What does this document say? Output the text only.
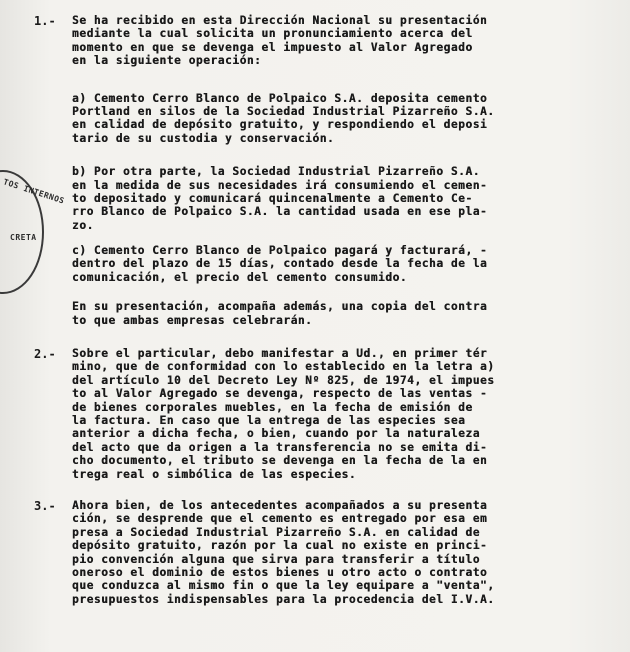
TOS INTERNOS
CRETA
1.- Se ha recibido en esta Dirección Nacional su presentación
mediante la cual solicita un pronunciamiento acerca del
momento en que se devenga el impuesto al Valor Agregado
en la siguiente operación:
a) Cemento Cerro Blanco de Polpaico S.A. deposita cemento
Portland en silos de la Sociedad Industrial Pizarreño S.A.
en calidad de depósito gratuito, y respondiendo el deposi
tario de su custodia y conservación.
b) Por otra parte, la Sociedad Industrial Pizarreño S.A.
en la medida de sus necesidades irá consumiendo el cemen-
to depositado y comunicará quincenalmente a Cemento Ce-
rro Blanco de Polpaico S.A. la cantidad usada en ese pla-
zo.
c) Cemento Cerro Blanco de Polpaico pagará y facturará, -
dentro del plazo de 15 días, contado desde la fecha de la
comunicación, el precio del cemento consumido.
En su presentación, acompaña además, una copia del contra
to que ambas empresas celebrarán.
2.- Sobre el particular, debo manifestar a Ud., en primer tér
mino, que de conformidad con lo establecido en la letra a)
del artículo 10 del Decreto Ley Nº 825, de 1974, el impues
to al Valor Agregado se devenga, respecto de las ventas -
de bienes corporales muebles, en la fecha de emisión de
la factura. En caso que la entrega de las especies sea
anterior a dicha fecha, o bien, cuando por la naturaleza
del acto que da origen a la transferencia no se emita di-
cho documento, el tributo se devenga en la fecha de la en
trega real o simbólica de las especies.
3.- Ahora bien, de los antecedentes acompañados a su presenta
ción, se desprende que el cemento es entregado por esa em
presa a Sociedad Industrial Pizarreño S.A. en calidad de
depósito gratuito, razón por la cual no existe en princi-
pio convención alguna que sirva para transferir a título
oneroso el dominio de estos bienes u otro acto o contrato
que conduzca al mismo fin o que la ley equipare a "venta",
presupuestos indispensables para la procedencia del I.V.A.
